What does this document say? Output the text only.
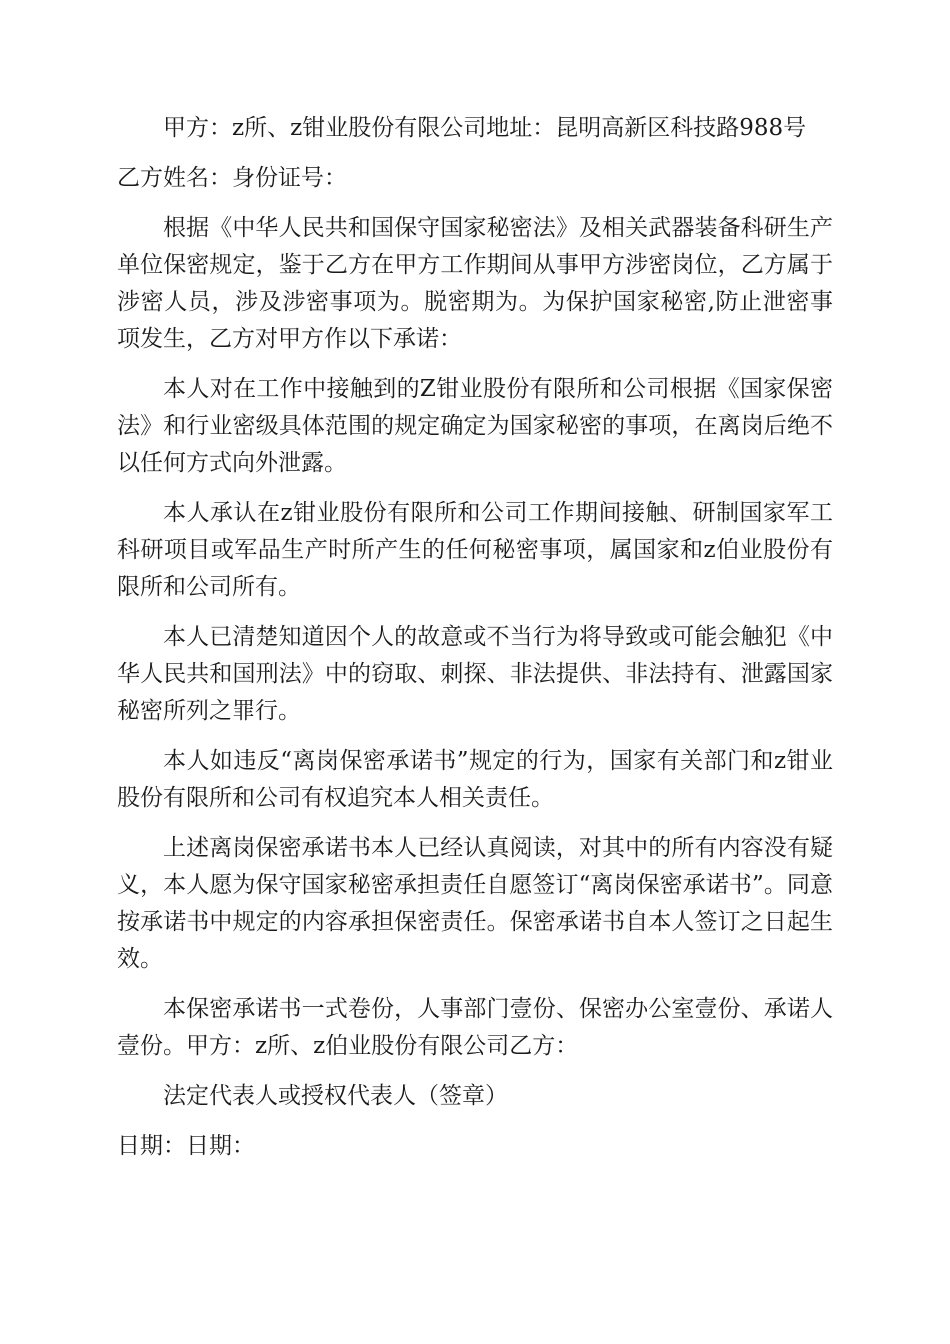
甲方：z所、z钳业股份有限公司地址：昆明高新区科技路988号

乙方姓名：身份证号：

根据《中华人民共和国保守国家秘密法》及相关武器装备科研生产单位保密规定，鉴于乙方在甲方工作期间从事甲方涉密岗位，乙方属于涉密人员，涉及涉密事项为。脱密期为。为保护国家秘密,防止泄密事项发生，乙方对甲方作以下承诺：

本人对在工作中接触到的Z钳业股份有限所和公司根据《国家保密法》和行业密级具体范围的规定确定为国家秘密的事项，在离岗后绝不以任何方式向外泄露。

本人承认在z钳业股份有限所和公司工作期间接触、研制国家军工科研项目或军品生产时所产生的任何秘密事项，属国家和z伯业股份有限所和公司所有。

本人已清楚知道因个人的故意或不当行为将导致或可能会触犯《中华人民共和国刑法》中的窃取、刺探、非法提供、非法持有、泄露国家秘密所列之罪行。

本人如违反“离岗保密承诺书”规定的行为，国家有关部门和z钳业股份有限所和公司有权追究本人相关责任。

上述离岗保密承诺书本人已经认真阅读，对其中的所有内容没有疑义，本人愿为保守国家秘密承担责任自愿签订“离岗保密承诺书”。同意按承诺书中规定的内容承担保密责任。保密承诺书自本人签订之日起生效。

本保密承诺书一式卷份，人事部门壹份、保密办公室壹份、承诺人壹份。甲方：z所、z伯业股份有限公司乙方：

法定代表人或授权代表人（签章）

日期：日期：
